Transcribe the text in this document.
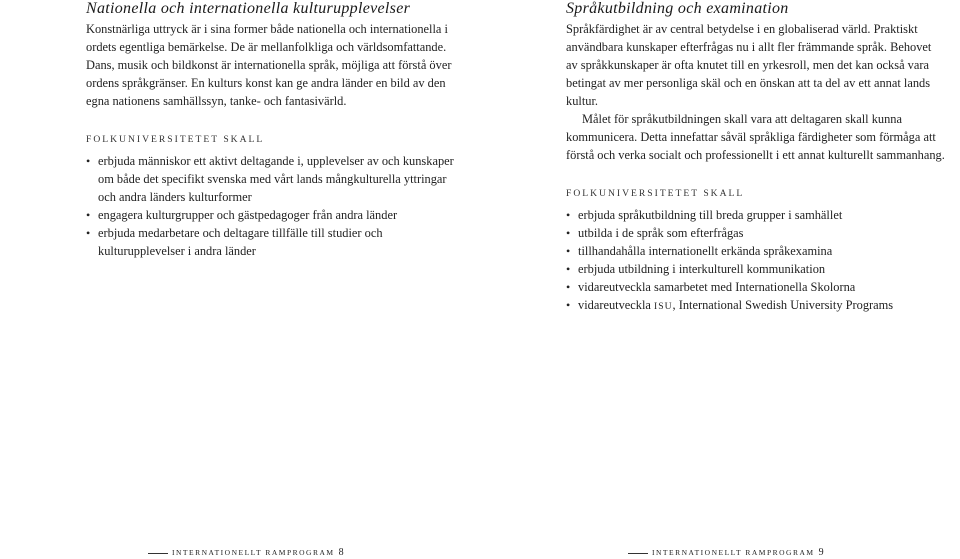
Nationella och internationella kulturupplevelser

Konstnärliga uttryck är i sina former både nationella och internationella i ordets egentliga bemärkelse. De är mellanfolkliga och världsomfattande. Dans, musik och bildkonst är internationella språk, möjliga att förstå över ordens språkgränser. En kulturs konst kan ge andra länder en bild av den egna nationens samhällssyn, tanke- och fantasivärld.

FOLKUNIVERSITETET SKALL
• erbjuda människor ett aktivt deltagande i, upplevelser av och kunskaper om både det specifikt svenska med vårt lands mångkulturella yttringar och andra länders kulturformer
• engagera kulturgrupper och gästpedagoger från andra länder
• erbjuda medarbetare och deltagare tillfälle till studier och kulturupplevelser i andra länder
Språkutbildning och examination

Språkfärdighet är av central betydelse i en globaliserad värld. Praktiskt användbara kunskaper efterfrågas nu i allt fler främmande språk. Behovet av språkkunskaper är ofta knutet till en yrkesroll, men det kan också vara betingat av mer personliga skäl och en önskan att ta del av ett annat lands kultur.

Målet för språkutbildningen skall vara att deltagaren skall kunna kommunicera. Detta innefattar såväl språkliga färdigheter som förmåga att förstå och verka socialt och professionellt i ett annat kulturellt sammanhang.

FOLKUNIVERSITETET SKALL
• erbjuda språkutbildning till breda grupper i samhället
• utbilda i de språk som efterfrågas
• tillhandahålla internationellt erkända språkexamina
• erbjuda utbildning i interkulturell kommunikation
• vidareutveckla samarbetet med Internationella Skolorna
• vidareutveckla ISU, International Swedish University Programs
INTERNATIONELLT RAMPROGRAM 8	INTERNATIONELLT RAMPROGRAM 9
